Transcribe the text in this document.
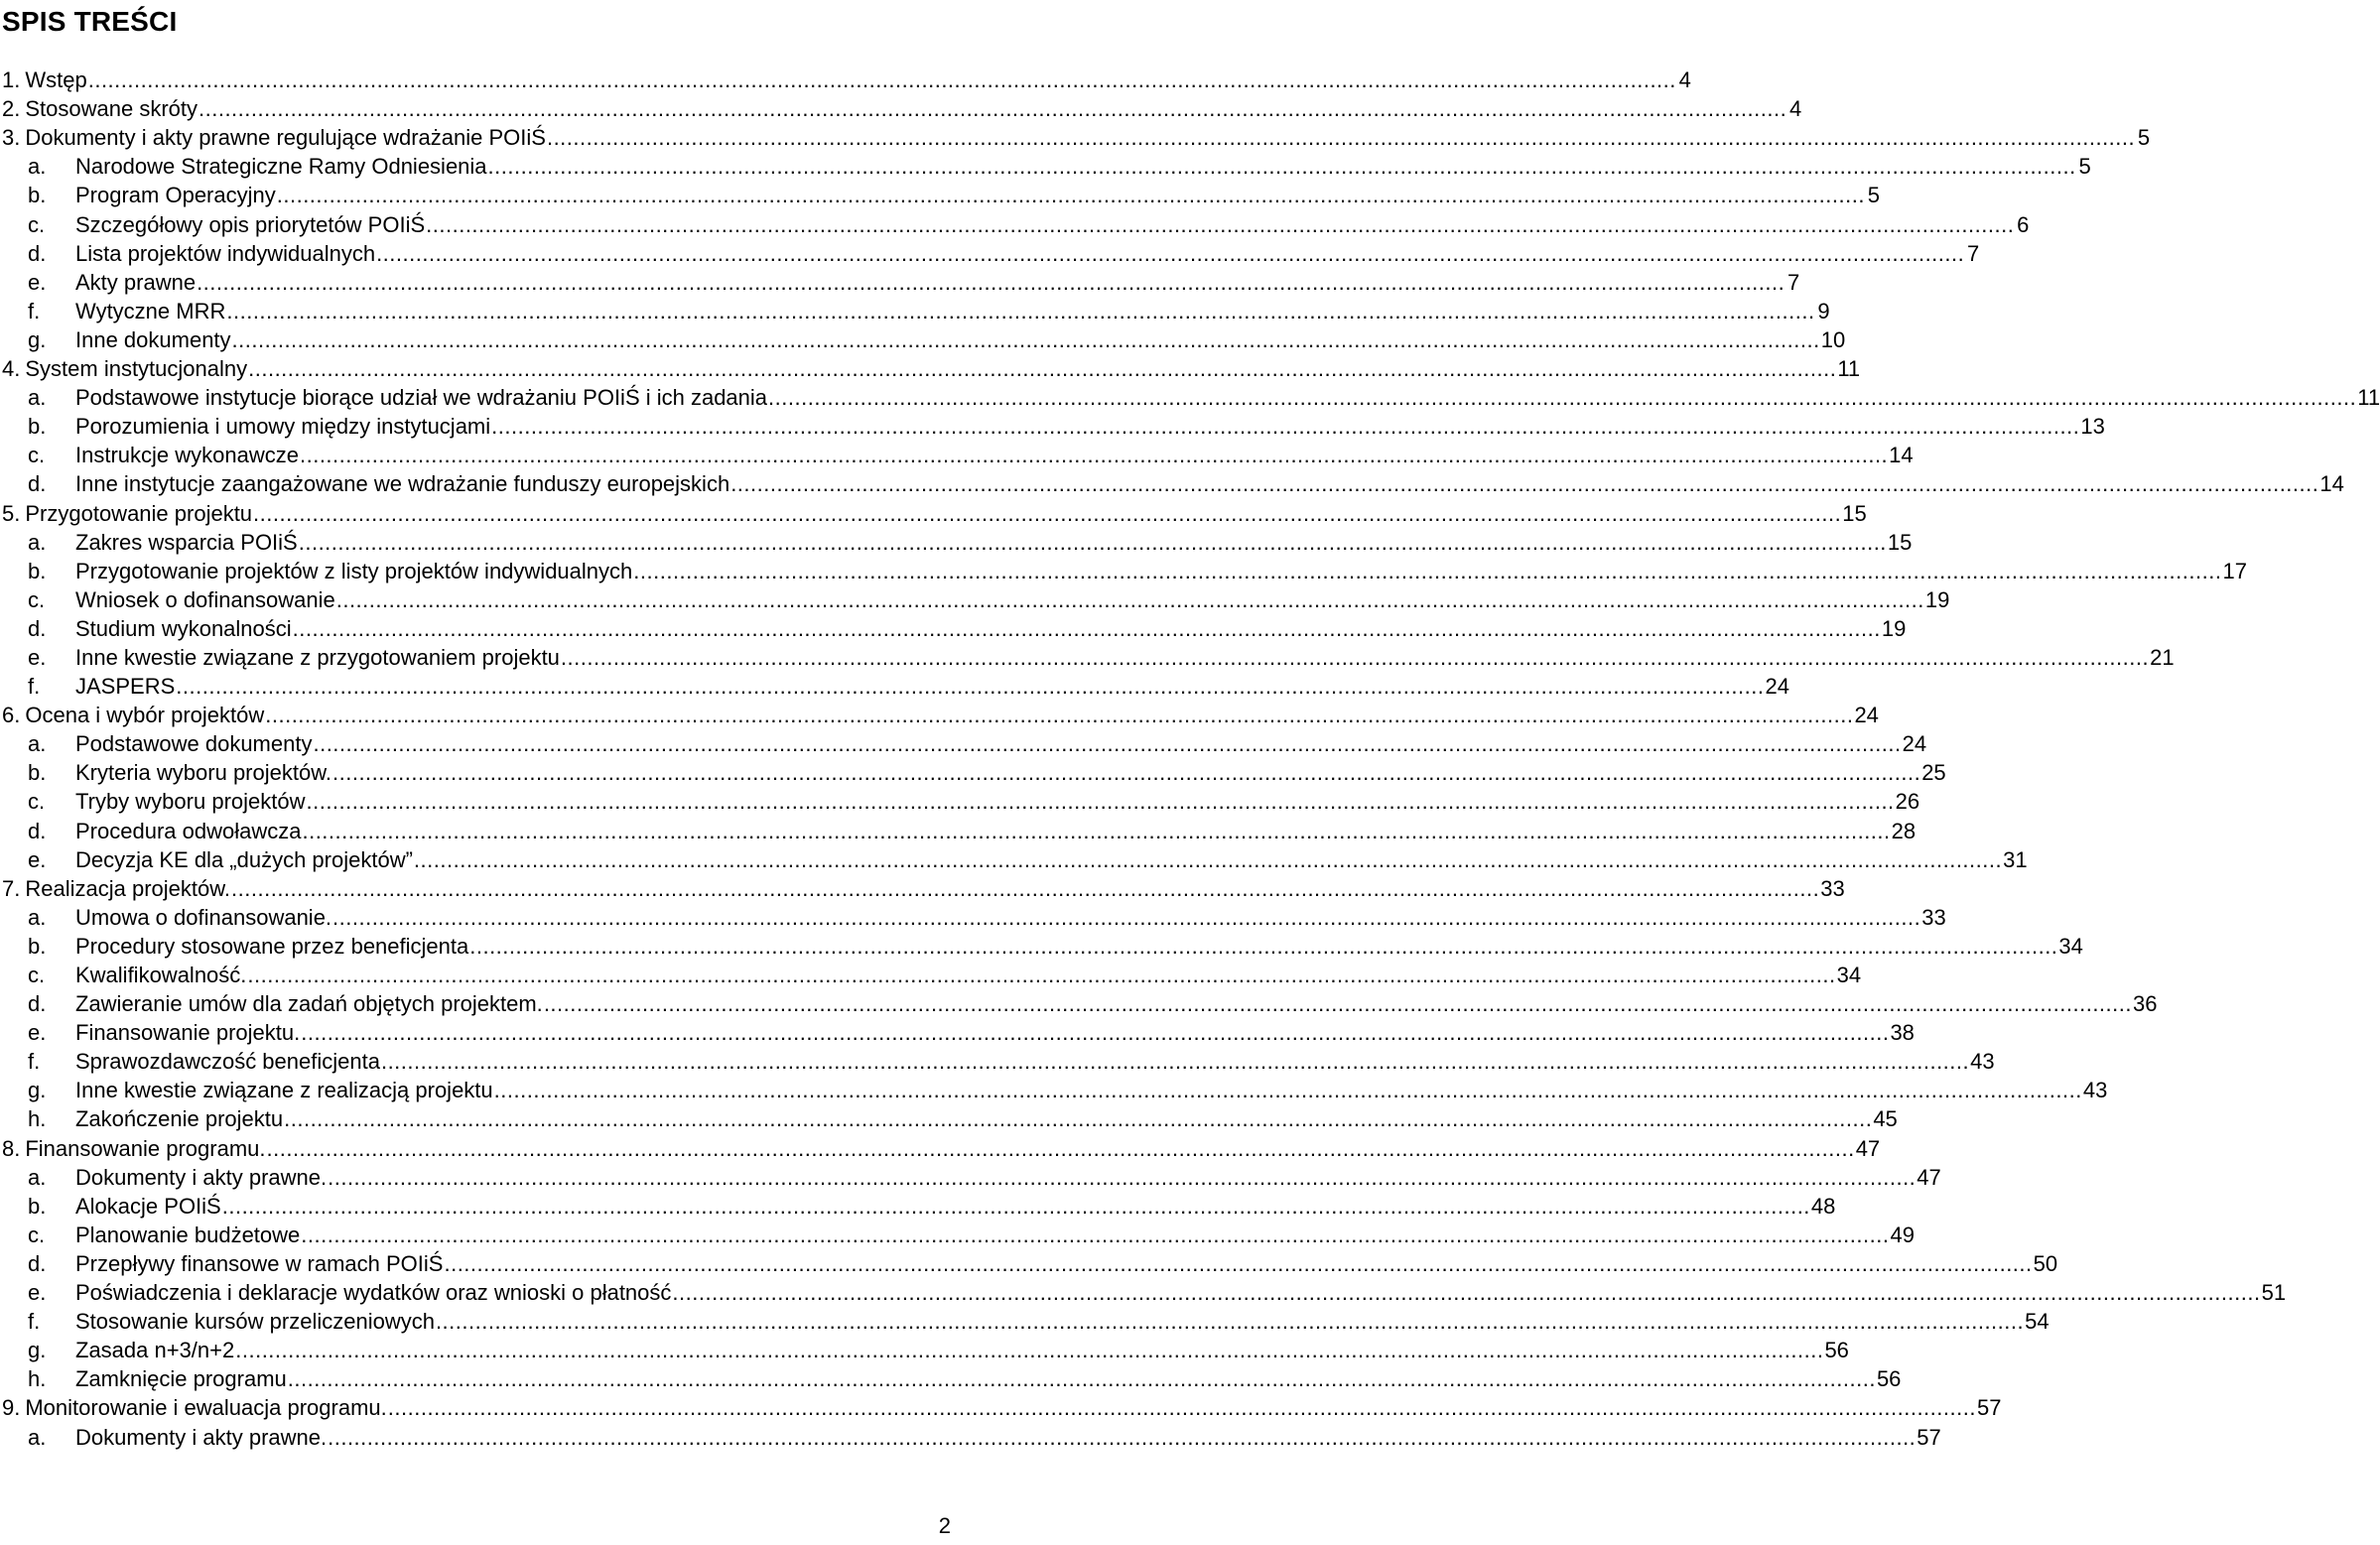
SPIS TREŚCI
1. Wstęp .....	4
2. Stosowane skróty .....	4
3. Dokumenty i akty prawne regulujące wdrażanie POIiŚ .....	5
a.	Narodowe Strategiczne Ramy Odniesienia .....	5
b.	Program Operacyjny .....	5
c.	Szczegółowy opis priorytetów POIiŚ .....	6
d.	Lista projektów indywidualnych .....	7
e.	Akty prawne .....	7
f.	Wytyczne MRR .....	9
g.	Inne dokumenty .....	10
4. System instytucjonalny .....	11
a.	Podstawowe instytucje biorące udział we wdrażaniu POIiŚ i ich zadania .....	11
b.	Porozumienia i umowy między instytucjami .....	13
c.	Instrukcje wykonawcze .....	14
d.	Inne instytucje zaangażowane we wdrażanie funduszy europejskich .....	14
5. Przygotowanie projektu .....	15
a.	Zakres wsparcia POIiŚ .....	15
b.	Przygotowanie projektów z listy projektów indywidualnych .....	17
c.	Wniosek o dofinansowanie .....	19
d.	Studium wykonalności .....	19
e.	Inne kwestie związane z przygotowaniem projektu .....	21
f.	JASPERS .....	24
6. Ocena i wybór projektów .....	24
a.	Podstawowe dokumenty .....	24
b.	Kryteria wyboru projektów. .....	25
c.	Tryby wyboru projektów .....	26
d.	Procedura odwoławcza .....	28
e.	Decyzja KE dla „dużych projektów” .....	31
7. Realizacja projektów. .....	33
a.	Umowa o dofinansowanie. .....	33
b.	Procedury stosowane przez beneficjenta .....	34
c.	Kwalifikowalność. .....	34
d.	Zawieranie umów dla zadań objętych projektem. .....	36
e.	Finansowanie projektu. .....	38
f.	Sprawozdawczość beneficjenta .....	43
g.	Inne kwestie związane z realizacją projektu .....	43
h.	Zakończenie projektu .....	45
8. Finansowanie programu. .....	47
a.	Dokumenty i akty prawne. .....	47
b.	Alokacje POIiŚ .....	48
c.	Planowanie budżetowe .....	49
d.	Przepływy finansowe w ramach POIiŚ .....	50
e.	Poświadczenia i deklaracje wydatków oraz wnioski o płatność .....	51
f.	Stosowanie kursów przeliczeniowych .....	54
g.	Zasada n+3/n+2 .....	56
h.	Zamknięcie programu .....	56
9. Monitorowanie i ewaluacja programu. .....	57
a.	Dokumenty i akty prawne. .....	57
2
